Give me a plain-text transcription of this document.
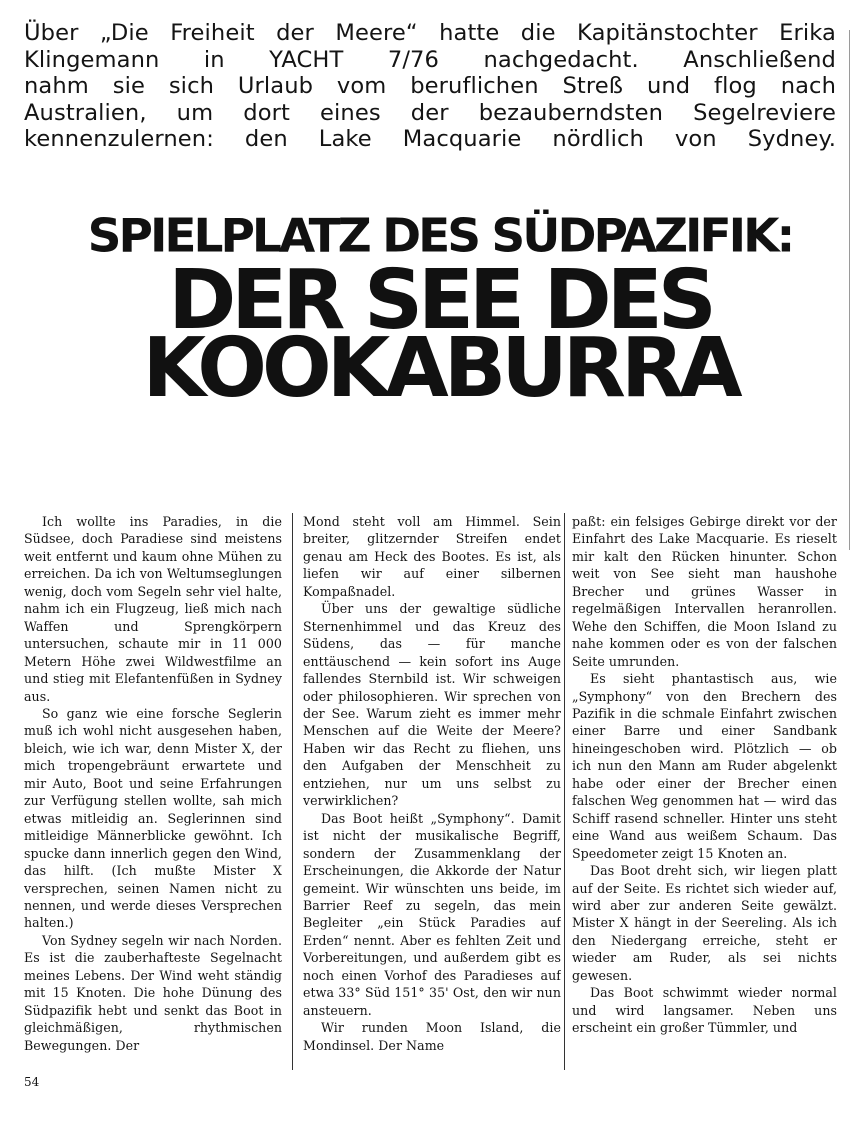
Über „Die Freiheit der Meere“ hatte die Kapitänstochter Erika

Klingemann in YACHT 7/76 nachgedacht. Anschließend

nahm sie sich Urlaub vom beruflichen Streß und flog nach

Australien, um dort eines der bezauberndsten Segelreviere

kennenzulernen: den Lake Macquarie nördlich von Sydney.

SPIELPLATZ DES SÜDPAZIFIK:
DER SEE DES
KOOKABURRA

Ich wollte ins Paradies, in die Südsee, doch Paradiese sind meistens weit entfernt und kaum ohne Mühen zu erreichen. Da ich von Weltumseglungen wenig, doch vom Segeln sehr viel halte, nahm ich ein Flugzeug, ließ mich nach Waffen und Sprengkörpern untersuchen, schaute mir in 11 000 Metern Höhe zwei Wildwestfilme an und stieg mit Elefantenfüßen in Sydney aus.

So ganz wie eine forsche Seglerin muß ich wohl nicht ausgesehen haben, bleich, wie ich war, denn Mister X, der mich tropengebräunt erwartete und mir Auto, Boot und seine Erfahrungen zur Verfügung stellen wollte, sah mich etwas mitleidig an. Seglerinnen sind mitleidige Männerblicke gewöhnt. Ich spucke dann innerlich gegen den Wind, das hilft. (Ich mußte Mister X versprechen, seinen Namen nicht zu nennen, und werde dieses Versprechen halten.)

Von Sydney segeln wir nach Norden. Es ist die zauberhafteste Segelnacht meines Lebens. Der Wind weht ständig mit 15 Knoten. Die hohe Dünung des Südpazifik hebt und senkt das Boot in gleichmäßigen, rhythmischen Bewegungen. Der

Mond steht voll am Himmel. Sein breiter, glitzernder Streifen endet genau am Heck des Bootes. Es ist, als liefen wir auf einer silbernen Kompaßnadel.

Über uns der gewaltige südliche Sternenhimmel und das Kreuz des Südens, das — für manche enttäuschend — kein sofort ins Auge fallendes Sternbild ist. Wir schweigen oder philosophieren. Wir sprechen von der See. Warum zieht es immer mehr Menschen auf die Weite der Meere? Haben wir das Recht zu fliehen, uns den Aufgaben der Menschheit zu entziehen, nur um uns selbst zu verwirklichen?

Das Boot heißt „Symphony“. Damit ist nicht der musikalische Begriff, sondern der Zusammenklang der Erscheinungen, die Akkorde der Natur gemeint. Wir wünschten uns beide, im Barrier Reef zu segeln, das mein Begleiter „ein Stück Paradies auf Erden“ nennt. Aber es fehlten Zeit und Vorbereitungen, und außerdem gibt es noch einen Vorhof des Paradieses auf etwa 33° Süd 151° 35' Ost, den wir nun ansteuern.

Wir runden Moon Island, die Mondinsel. Der Name

paßt: ein felsiges Gebirge direkt vor der Einfahrt des Lake Macquarie. Es rieselt mir kalt den Rücken hinunter. Schon weit von See sieht man haushohe Brecher und grünes Wasser in regelmäßigen Intervallen heranrollen. Wehe den Schiffen, die Moon Island zu nahe kommen oder es von der falschen Seite umrunden.

Es sieht phantastisch aus, wie „Symphony“ von den Brechern des Pazifik in die schmale Einfahrt zwischen einer Barre und einer Sandbank hineingeschoben wird. Plötzlich — ob ich nun den Mann am Ruder abgelenkt habe oder einer der Brecher einen falschen Weg genommen hat — wird das Schiff rasend schneller. Hinter uns steht eine Wand aus weißem Schaum. Das Speedometer zeigt 15 Knoten an.

Das Boot dreht sich, wir liegen platt auf der Seite. Es richtet sich wieder auf, wird aber zur anderen Seite gewälzt. Mister X hängt in der Seereling. Als ich den Niedergang erreiche, steht er wieder am Ruder, als sei nichts gewesen.

Das Boot schwimmt wieder normal und wird langsamer. Neben uns erscheint ein großer Tümmler, und

54
